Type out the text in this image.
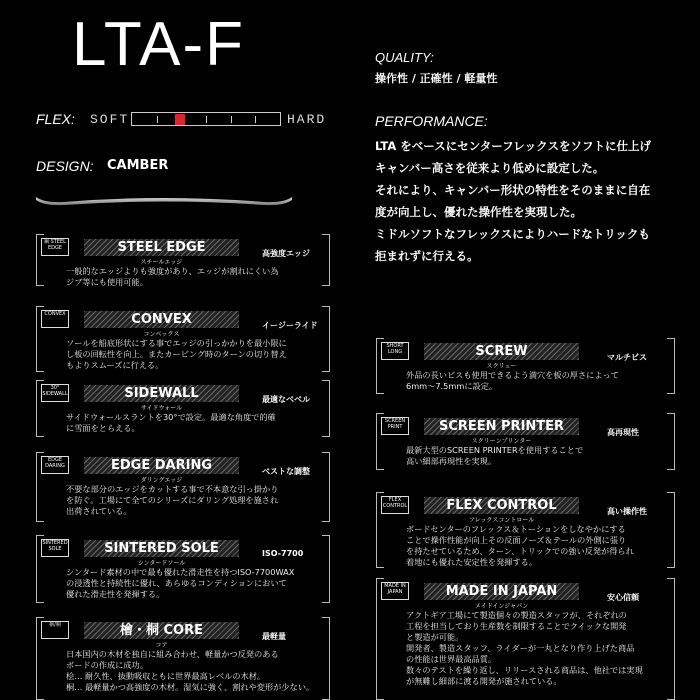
LTA-F
FLEX: SOFT	HARD
DESIGN: CAMBER
QUALITY:
操作性 / 正確性 / 軽量性
PERFORMANCE:
LTA をベースにセンターフレックスをソフトに仕上げ
キャンバー高さを従来より低めに設定した。
それにより、キャンバー形状の特性をそのままに自在
度が向上し、優れた操作性を実現した。
ミドルソフトなフレックスによりハードなトリックも
拒まれずに行える。
鋼 STEEL EDGE	STEEL EDGE
スチールエッジ
高強度エッジ
一般的なエッジよりも強度があり、エッジが割れにくい為
ジブ等にも使用可能。
CONVEX	CONVEX
コンベックス
イージーライド
ソールを船底形状にする事でエッジの引っかかりを最小限に
し板の回転性を向上。またカービング時のターンの切り替え
もよりスムーズに行える。
30° SIDEWALL	SIDEWALL
サイドウォール
最適なベベル
サイドウォールスラントを30°で設定。最適な角度で的確
に雪面をとらえる。
EDGE DARING	EDGE DARING
ダリングエッジ
ベストな調整
不要な部分のエッジをカットする事で不本意な引っ掛かり
を防ぐ。工場にて全てのシリーズにダリング処理を施され
出荷されている。
SINTERED SOLE	SINTERED SOLE
シンタードソール
ISO-7700
シンタード素材の中で最も優れた滑走性を持つISO-7700WAX
の浸透性と持続性に優れ、あらゆるコンディションにおいて
優れた滑走性を発揮する。
檜/桐	檜・桐 CORE
コア
最軽量
日本国内の木材を独自に組み合わせ、軽量かつ反発のある
ボードの作成に成功。
桧… 耐久性、抜動吸収ともに世界最高レベルの木材。
桐… 最軽量かつ高強度の木材。湿気に強く、割れや変形が少ない。
SHORT LONG	SCREW
スクリュー
マルチビス
外品の長いビスも使用できるよう満穴を板の厚さによって
6mm〜7.5mmに設定。
SCREEN PRINT	SCREEN PRINTER
スクリーンプリンター
高再現性
最新大型のSCREEN PRINTERを使用することで
高い細部再現性を実現。
FLEX CONTROL	FLEX CONTROL
フレックスコントロール
高い操作性
ボードセンターのフレックス＆トーションをしなやかにする
ことで操作性能が向上その反面ノーズ＆テールの外側に張り
を持たせているため、ターン、トリックでの強い反発が得られ
着地にも優れた安定性を発揮する。
MADE IN JAPAN	MADE IN JAPAN
メイドインジャパン
安心信頼
アクトギア工場にて製造個々の製造スタッフが、それぞれの
工程を担当しており生産数を制限することでクイックな開発
と製造が可能。
開発者、製造スタッフ、ライダーが一丸となり作り上げた商品
の性能は世界最高品質。
数々のテストを繰り返し、リリースされる商品は、他社では実現
が無難し細部に渡る開発が施されている。
